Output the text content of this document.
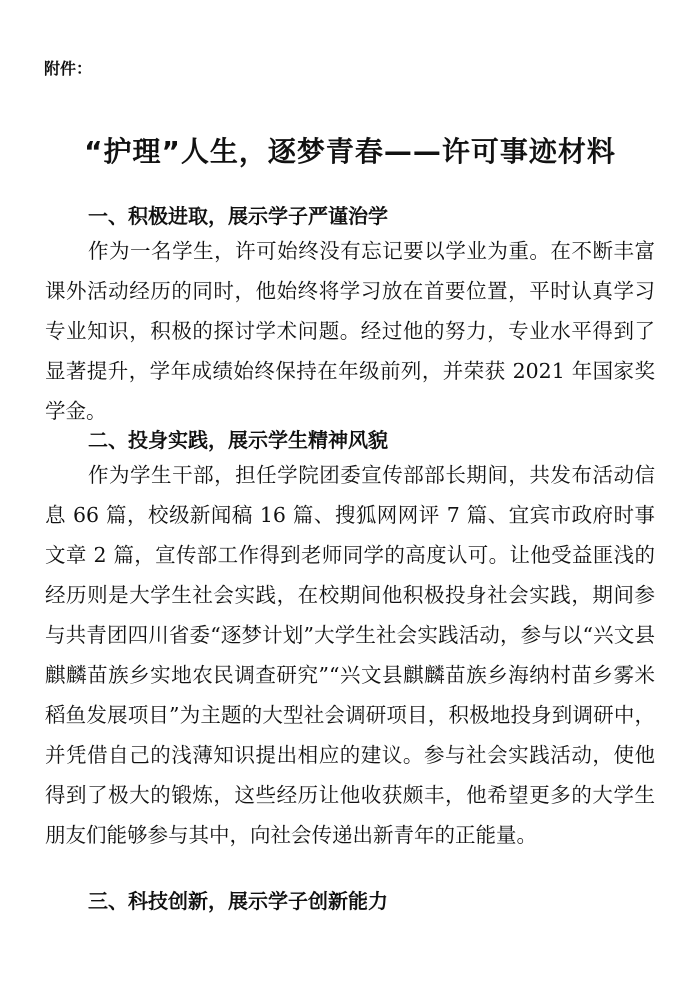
附件：
“护理”人生，逐梦青春——许可事迹材料
一、积极进取，展示学子严谨治学

作为一名学生，许可始终没有忘记要以学业为重。在不断丰富课外活动经历的同时，他始终将学习放在首要位置，平时认真学习专业知识，积极的探讨学术问题。经过他的努力，专业水平得到了显著提升，学年成绩始终保持在年级前列，并荣获 2021 年国家奖学金。

二、投身实践，展示学生精神风貌

作为学生干部，担任学院团委宣传部部长期间，共发布活动信息 66 篇，校级新闻稿 16 篇、搜狐网网评 7 篇、宜宾市政府时事文章 2 篇，宣传部工作得到老师同学的高度认可。让他受益匪浅的经历则是大学生社会实践，在校期间他积极投身社会实践，期间参与共青团四川省委“逐梦计划”大学生社会实践活动，参与以“兴文县麒麟苗族乡实地农民调查研究”“兴文县麒麟苗族乡海纳村苗乡雾米稻鱼发展项目”为主题的大型社会调研项目，积极地投身到调研中，并凭借自己的浅薄知识提出相应的建议。参与社会实践活动，使他得到了极大的锻炼，这些经历让他收获颇丰，他希望更多的大学生朋友们能够参与其中，向社会传递出新青年的正能量。

三、科技创新，展示学子创新能力
